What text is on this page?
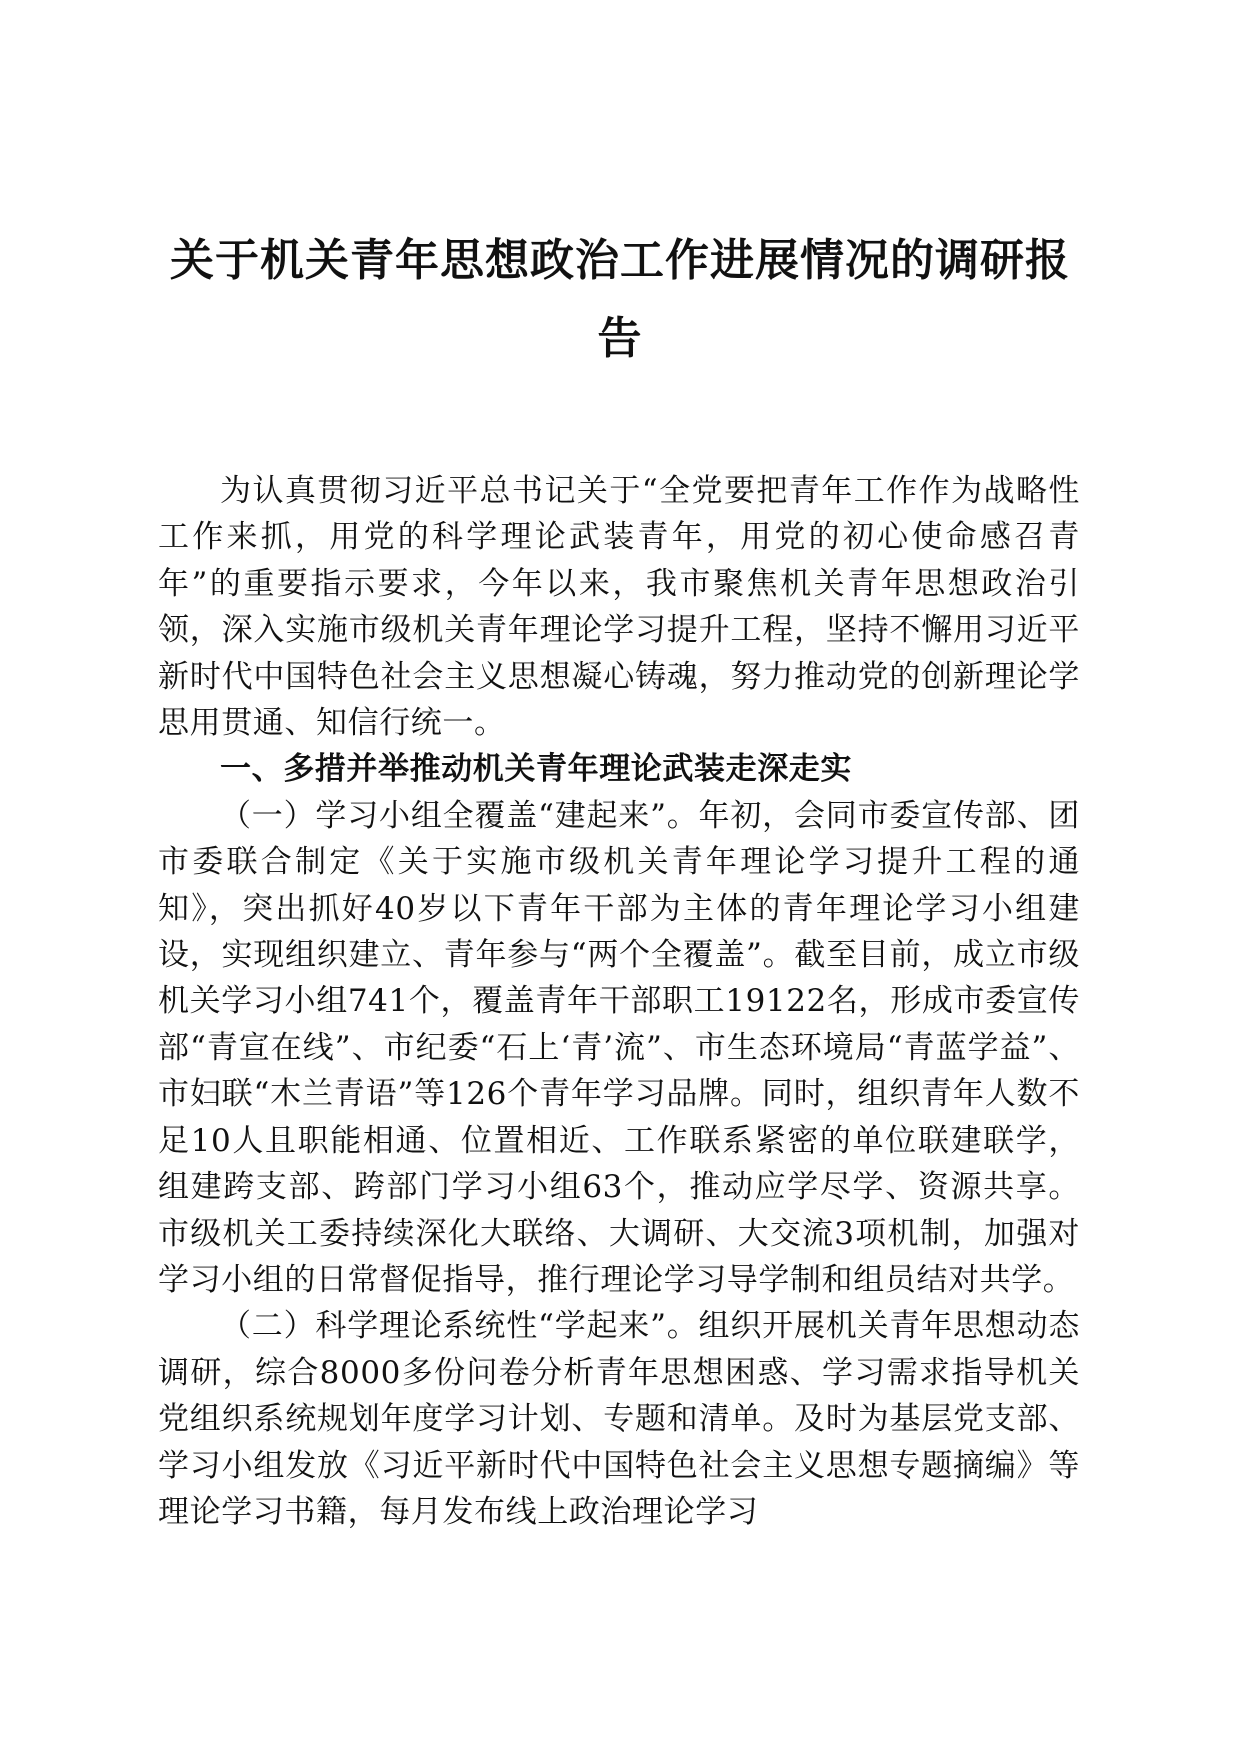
关于机关青年思想政治工作进展情况的调研报告

为认真贯彻习近平总书记关于“全党要把青年工作作为战略性工作来抓，用党的科学理论武装青年，用党的初心使命感召青年”的重要指示要求，今年以来，我市聚焦机关青年思想政治引领，深入实施市级机关青年理论学习提升工程，坚持不懈用习近平新时代中国特色社会主义思想凝心铸魂，努力推动党的创新理论学思用贯通、知信行统一。

一、多措并举推动机关青年理论武装走深走实

（一）学习小组全覆盖“建起来”。年初，会同市委宣传部、团市委联合制定《关于实施市级机关青年理论学习提升工程的通知》，突出抓好40岁以下青年干部为主体的青年理论学习小组建设，实现组织建立、青年参与“两个全覆盖”。截至目前，成立市级机关学习小组741个，覆盖青年干部职工19122名，形成市委宣传部“青宣在线”、市纪委“石上‘青’流”、市生态环境局“青蓝学益”、市妇联“木兰青语”等126个青年学习品牌。同时，组织青年人数不足10人且职能相通、位置相近、工作联系紧密的单位联建联学，组建跨支部、跨部门学习小组63个，推动应学尽学、资源共享。市级机关工委持续深化大联络、大调研、大交流3项机制，加强对学习小组的日常督促指导，推行理论学习导学制和组员结对共学。

（二）科学理论系统性“学起来”。组织开展机关青年思想动态调研，综合8000多份问卷分析青年思想困惑、学习需求指导机关党组织系统规划年度学习计划、专题和清单。及时为基层党支部、学习小组发放《习近平新时代中国特色社会主义思想专题摘编》等理论学习书籍，每月发布线上政治理论学习
